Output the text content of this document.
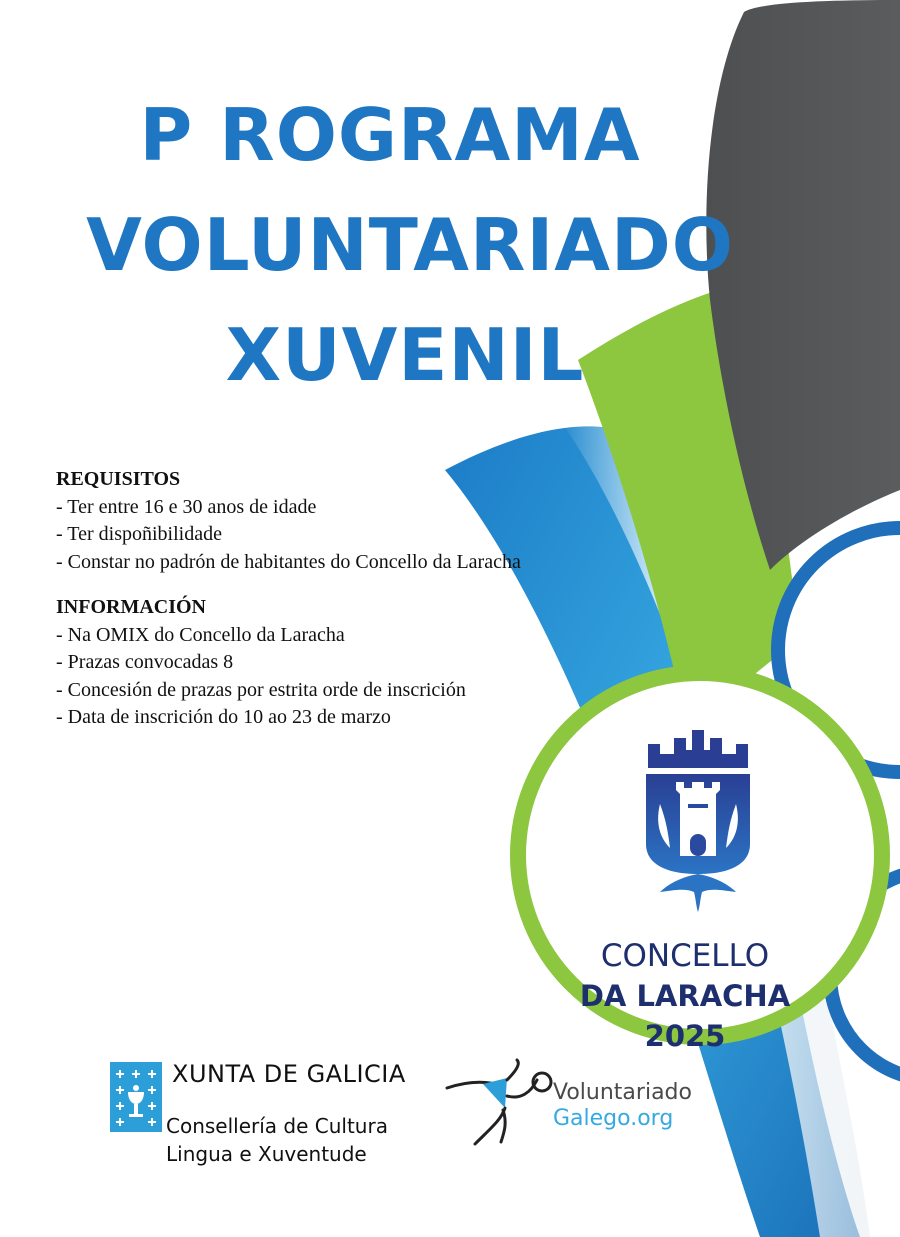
P ROGRAMA
VOLUNTARIADO
XUVENIL
REQUISITOS
- Ter entre 16 e 30 anos de idade
- Ter dispoñibilidade
- Constar no padrón de habitantes do Concello da Laracha
INFORMACIÓN
- Na OMIX do Concello da Laracha
- Prazas convocadas 8
- Concesión de prazas por estrita orde de inscrición
- Data de inscrición do 10 ao 23 de marzo
CONCELLO
DA LARACHA
2025
XUNTA DE GALICIA
Consellería de Cultura
Lingua e Xuventude
Voluntariado
Galego.org
